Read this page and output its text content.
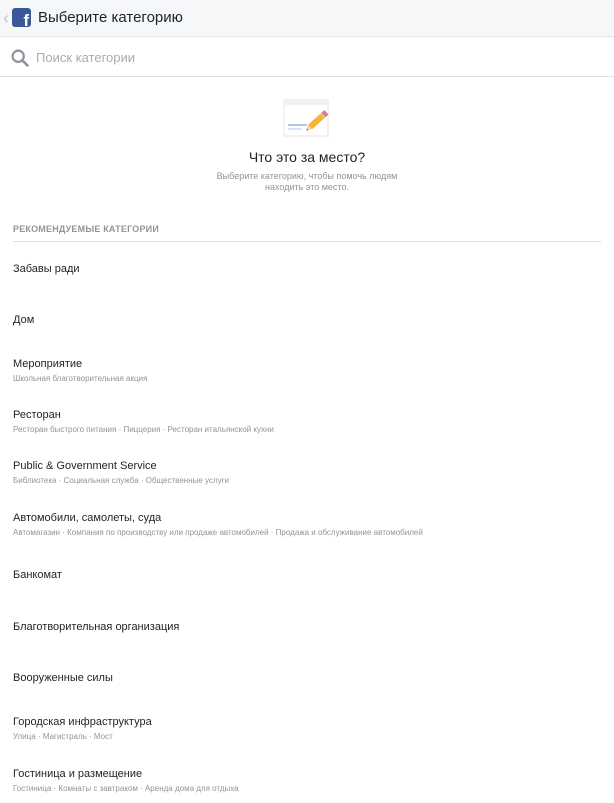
‹ f Выберите категорию
Поиск категории
Что это за место?
Выберите категорию, чтобы помочь людям находить это место.
РЕКОМЕНДУЕМЫЕ КАТЕГОРИИ
Забавы ради
Дом
Мероприятие
Школьная благотворительная акция
Ресторан
Ресторан быстрого питания · Пиццерия · Ресторан итальянской кухни
Public & Government Service
Библиотека · Социальная служба · Общественные услуги
Автомобили, самолеты, суда
Автомагазин · Компания по производству или продаже автомобилей · Продажа и обслуживание автомобилей
Банкомат
Благотворительная организация
Вооруженные силы
Городская инфраструктура
Улица · Магистраль · Мост
Гостиница и размещение
Гостиница · Комнаты с завтраком · Аренда дома для отдыха
